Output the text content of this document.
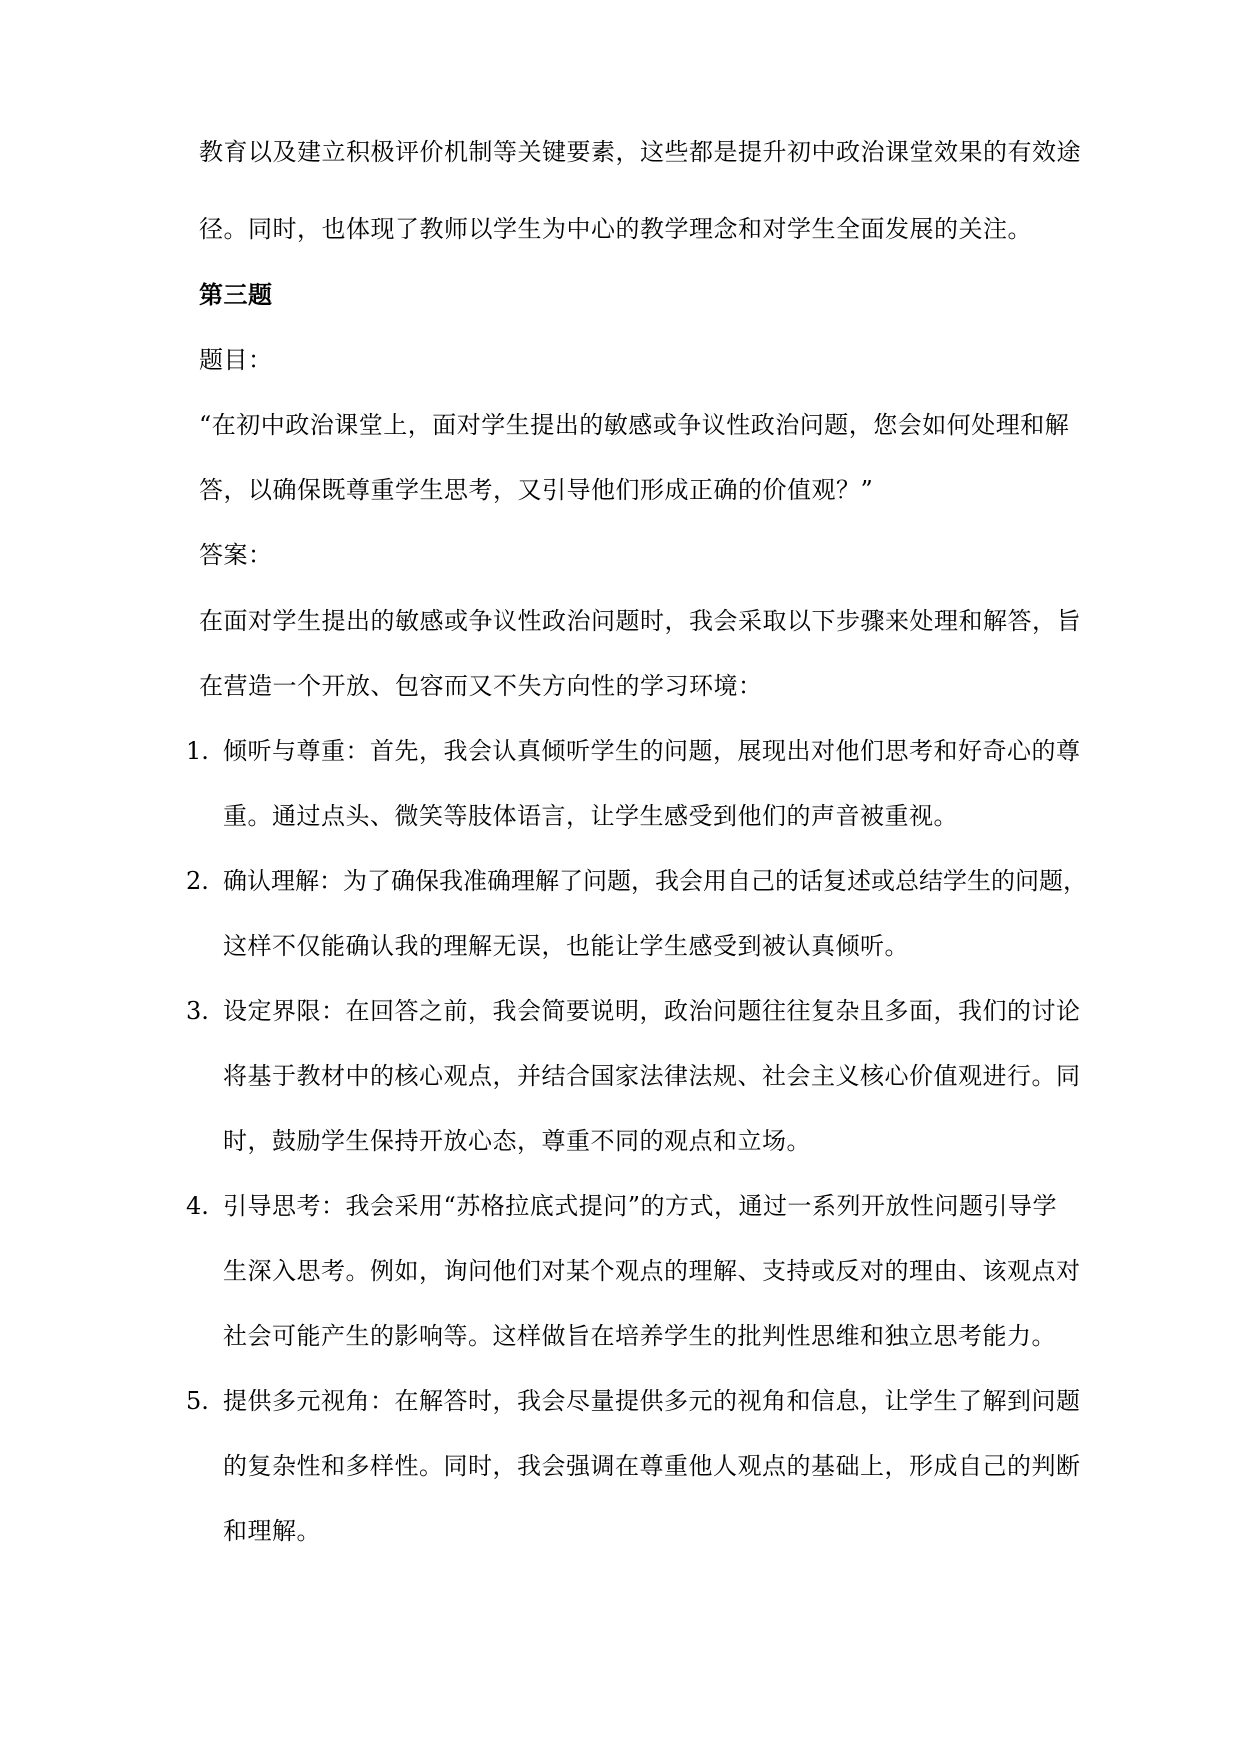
教育以及建立积极评价机制等关键要素，这些都是提升初中政治课堂效果的有效途
径。同时，也体现了教师以学生为中心的教学理念和对学生全面发展的关注。
第三题
题目：
“在初中政治课堂上，面对学生提出的敏感或争议性政治问题，您会如何处理和解
答，以确保既尊重学生思考，又引导他们形成正确的价值观？”
答案：
在面对学生提出的敏感或争议性政治问题时，我会采取以下步骤来处理和解答，旨
在营造一个开放、包容而又不失方向性的学习环境：
1. 倾听与尊重：首先，我会认真倾听学生的问题，展现出对他们思考和好奇心的尊
重。通过点头、微笑等肢体语言，让学生感受到他们的声音被重视。
2. 确认理解：为了确保我准确理解了问题，我会用自己的话复述或总结学生的问题，
这样不仅能确认我的理解无误，也能让学生感受到被认真倾听。
3. 设定界限：在回答之前，我会简要说明，政治问题往往复杂且多面，我们的讨论
将基于教材中的核心观点，并结合国家法律法规、社会主义核心价值观进行。同
时，鼓励学生保持开放心态，尊重不同的观点和立场。
4. 引导思考：我会采用“苏格拉底式提问”的方式，通过一系列开放性问题引导学
生深入思考。例如，询问他们对某个观点的理解、支持或反对的理由、该观点对
社会可能产生的影响等。这样做旨在培养学生的批判性思维和独立思考能力。
5. 提供多元视角：在解答时，我会尽量提供多元的视角和信息，让学生了解到问题
的复杂性和多样性。同时，我会强调在尊重他人观点的基础上，形成自己的判断
和理解。
